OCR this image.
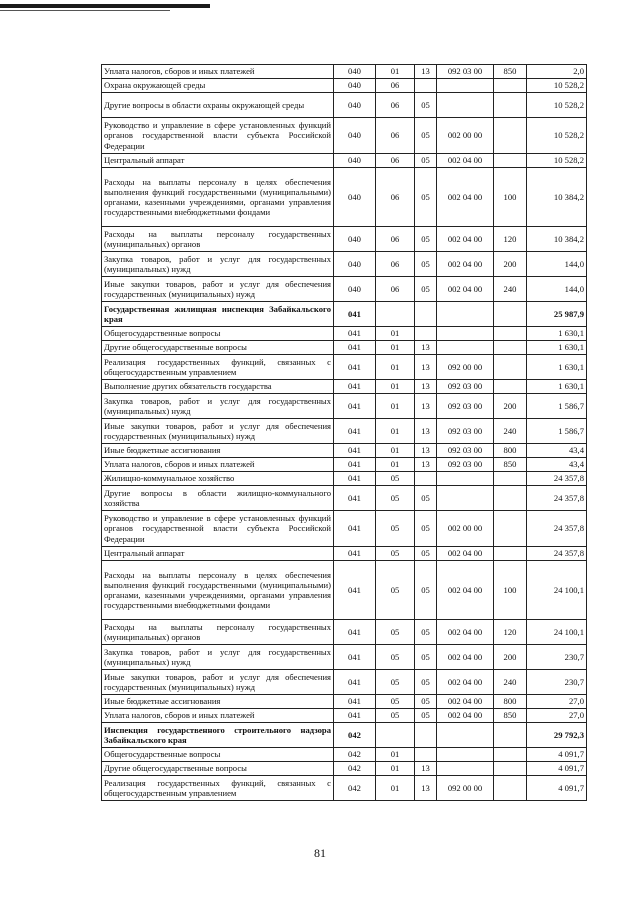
Уплата налогов, сборов и иных платежей	040	01	13	092 03 00	850	2,0
Охрана окружающей среды	040	06				10 528,2
Другие вопросы в области охраны окружающей среды	040	06	05			10 528,2
Руководство и управление в сфере установленных функций органов государственной власти субъекта Российской Федерации	040	06	05	002 00 00		10 528,2
Центральный аппарат	040	06	05	002 04 00		10 528,2
Расходы на выплаты персоналу в целях обеспечения выполнения функций государственными (муниципальными) органами, казенными учреждениями, органами управления государственными внебюджетными фондами	040	06	05	002 04 00	100	10 384,2
Расходы на выплаты персоналу государственных (муниципальных) органов	040	06	05	002 04 00	120	10 384,2
Закупка товаров, работ и услуг для государственных (муниципальных) нужд	040	06	05	002 04 00	200	144,0
Иные закупки товаров, работ и услуг для обеспечения государственных (муниципальных) нужд	040	06	05	002 04 00	240	144,0
Государственная жилищная инспекция Забайкальского края	041					25 987,9
Общегосударственные вопросы	041	01				1 630,1
Другие общегосударственные вопросы	041	01	13			1 630,1
Реализация государственных функций, связанных с общегосударственным управлением	041	01	13	092 00 00		1 630,1
Выполнение других обязательств государства	041	01	13	092 03 00		1 630,1
Закупка товаров, работ и услуг для государственных (муниципальных) нужд	041	01	13	092 03 00	200	1 586,7
Иные закупки товаров, работ и услуг для обеспечения государственных (муниципальных) нужд	041	01	13	092 03 00	240	1 586,7
Иные бюджетные ассигнования	041	01	13	092 03 00	800	43,4
Уплата налогов, сборов и иных платежей	041	01	13	092 03 00	850	43,4
Жилищно-коммунальное хозяйство	041	05				24 357,8
Другие вопросы в области жилищно-коммунального хозяйства	041	05	05			24 357,8
Руководство и управление в сфере установленных функций органов государственной власти субъекта Российской Федерации	041	05	05	002 00 00		24 357,8
Центральный аппарат	041	05	05	002 04 00		24 357,8
Расходы на выплаты персоналу в целях обеспечения выполнения функций государственными (муниципальными) органами, казенными учреждениями, органами управления государственными внебюджетными фондами	041	05	05	002 04 00	100	24 100,1
Расходы на выплаты персоналу государственных (муниципальных) органов	041	05	05	002 04 00	120	24 100,1
Закупка товаров, работ и услуг для государственных (муниципальных) нужд	041	05	05	002 04 00	200	230,7
Иные закупки товаров, работ и услуг для обеспечения государственных (муниципальных) нужд	041	05	05	002 04 00	240	230,7
Иные бюджетные ассигнования	041	05	05	002 04 00	800	27,0
Уплата налогов, сборов и иных платежей	041	05	05	002 04 00	850	27,0
Инспекция государственного строительного надзора Забайкальского края	042					29 792,3
Общегосударственные вопросы	042	01				4 091,7
Другие общегосударственные вопросы	042	01	13			4 091,7
Реализация государственных функций, связанных с общегосударственным управлением	042	01	13	092 00 00		4 091,7
81
